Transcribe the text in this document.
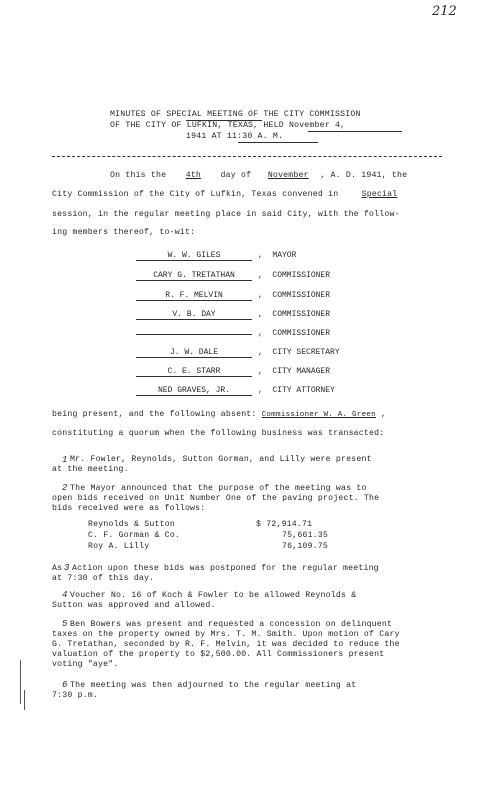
212
MINUTES OF SPECIAL MEETING OF THE CITY COMMISSION
OF THE CITY OF LUFKIN, TEXAS, HELD November 4,
1941 AT 11:30 A. M.
On this the 4th day of November , A. D. 1941, the
City Commission of the City of Lufkin, Texas convened in	Special
session, in the regular meeting place in said City, with the follow-
ing members thereof, to-wit:
W. W. GILES	,  MAYOR
CARY G. TRETATHAN	,  COMMISSIONER
R. F. MELVIN	,  COMMISSIONER
V. B. DAY	,  COMMISSIONER
,  COMMISSIONER
J. W. DALE	,  CITY SECRETARY
C. E. STARR	,  CITY MANAGER
NED GRAVES, JR.	,  CITY ATTORNEY
being present, and the following absent: Commissioner W. A. Green ,
constituting a quorum when the following business was transacted:
1 Mr. Fowler, Reynolds, Sutton Gorman, and Lilly were present
at the meeting.
2 The Mayor announced that the purpose of the meeting was to
open bids received on Unit Number One of the paving project. The
bids received were as follows:
Reynolds & Sutton	$ 72,914.71
C. F. Gorman & Co.	75,661.35
Roy A. Lilly	76,109.75
As 3 Action upon these bids was postponed for the regular meeting
at 7:30 of this day.
4 Voucher No. 16 of Koch & Fowler to be allowed Reynolds &
Sutton was approved and allowed.
5 Ben Bowers was present and requested a concession on delinquent
taxes on the property owned by Mrs. T. M. Smith. Upon motion of Cary
G. Tretathan, seconded by R. F. Melvin, it was decided to reduce the
valuation of the property to $2,500.00. All Commissioners present
voting "aye".
6 The meeting was then adjourned to the regular meeting at
7:30 p.m.
